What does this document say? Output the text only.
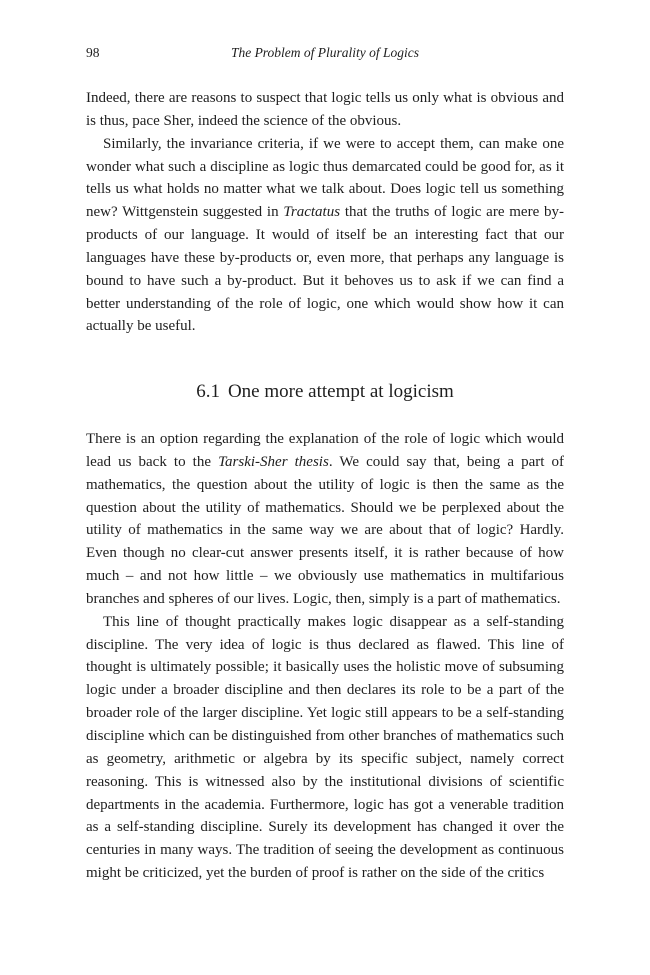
98	The Problem of Plurality of Logics

Indeed, there are reasons to suspect that logic tells us only what is obvious and is thus, pace Sher, indeed the science of the obvious.

Similarly, the invariance criteria, if we were to accept them, can make one wonder what such a discipline as logic thus demarcated could be good for, as it tells us what holds no matter what we talk about. Does logic tell us something new? Wittgenstein suggested in Tractatus that the truths of logic are mere by-products of our language. It would of itself be an interesting fact that our languages have these by-products or, even more, that perhaps any language is bound to have such a by-product. But it behoves us to ask if we can find a better understanding of the role of logic, one which would show how it can actually be useful.

6.1 One more attempt at logicism

There is an option regarding the explanation of the role of logic which would lead us back to the Tarski-Sher thesis. We could say that, being a part of mathematics, the question about the utility of logic is then the same as the question about the utility of mathematics. Should we be perplexed about the utility of mathematics in the same way we are about that of logic? Hardly. Even though no clear-cut answer presents itself, it is rather because of how much – and not how little – we obviously use mathematics in multifarious branches and spheres of our lives. Logic, then, simply is a part of mathematics.

This line of thought practically makes logic disappear as a self-standing discipline. The very idea of logic is thus declared as flawed. This line of thought is ultimately possible; it basically uses the holistic move of subsuming logic under a broader discipline and then declares its role to be a part of the broader role of the larger discipline. Yet logic still appears to be a self-standing discipline which can be distinguished from other branches of mathematics such as geometry, arithmetic or algebra by its specific subject, namely correct reasoning. This is witnessed also by the institutional divisions of scientific departments in the academia. Furthermore, logic has got a venerable tradition as a self-standing discipline. Surely its development has changed it over the centuries in many ways. The tradition of seeing the development as continuous might be criticized, yet the burden of proof is rather on the side of the critics
